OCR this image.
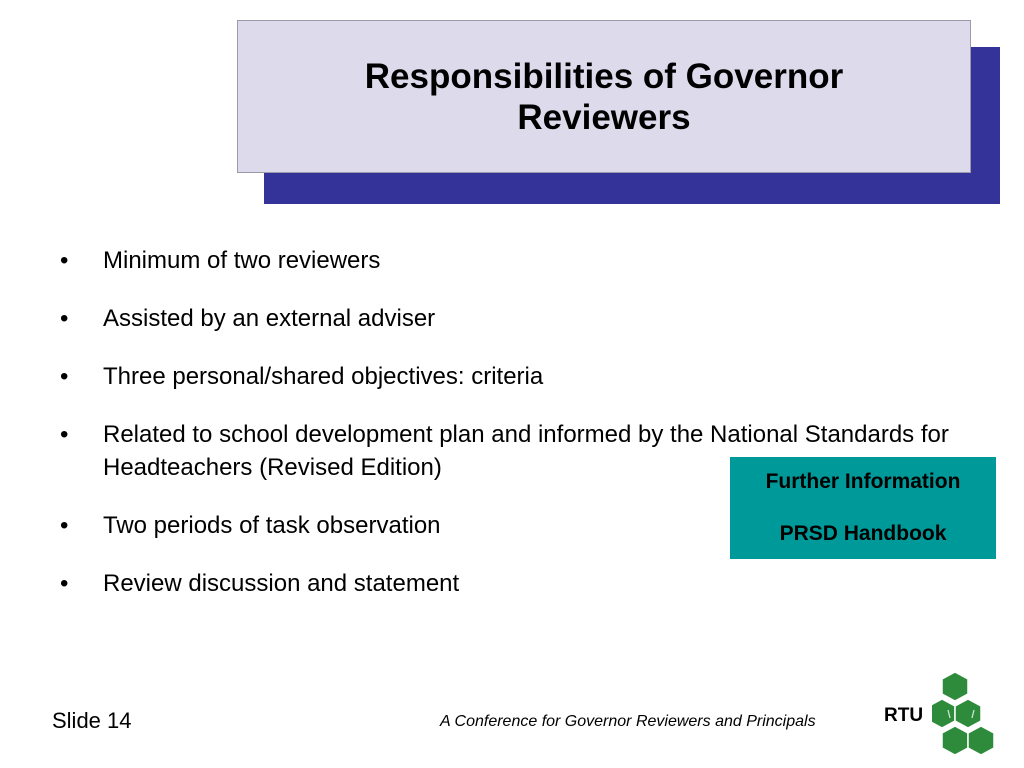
Responsibilities of Governor Reviewers
• Minimum of two reviewers
• Assisted by an external adviser
• Three personal/shared objectives: criteria
• Related to school development plan and informed by the National Standards for Headteachers (Revised Edition)
• Two periods of task observation
• Review discussion and statement
Further Information
PRSD Handbook
Slide 14	A Conference for Governor Reviewers and Principals	RTU
